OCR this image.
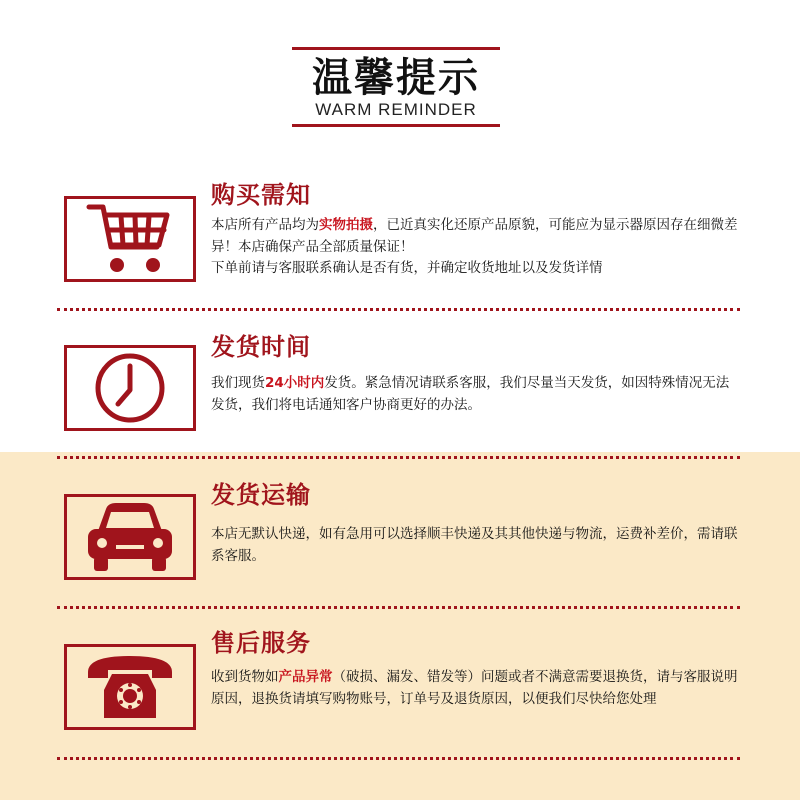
温馨提示
WARM REMINDER
购买需知
本店所有产品均为实物拍摄，已近真实化还原产品原貌，可能应为显示器原因存在细微差异！本店确保产品全部质量保证！
下单前请与客服联系确认是否有货，并确定收货地址以及发货详情
发货时间
我们现货24小时内发货。紧急情况请联系客服，我们尽量当天发货，如因特殊情况无法发货，我们将电话通知客户协商更好的办法。
发货运输
本店无默认快递，如有急用可以选择顺丰快递及其其他快递与物流，运费补差价，需请联系客服。
售后服务
收到货物如产品异常（破损、漏发、错发等）问题或者不满意需要退换货，请与客服说明原因，退换货请填写购物账号，订单号及退货原因，以便我们尽快给您处理
